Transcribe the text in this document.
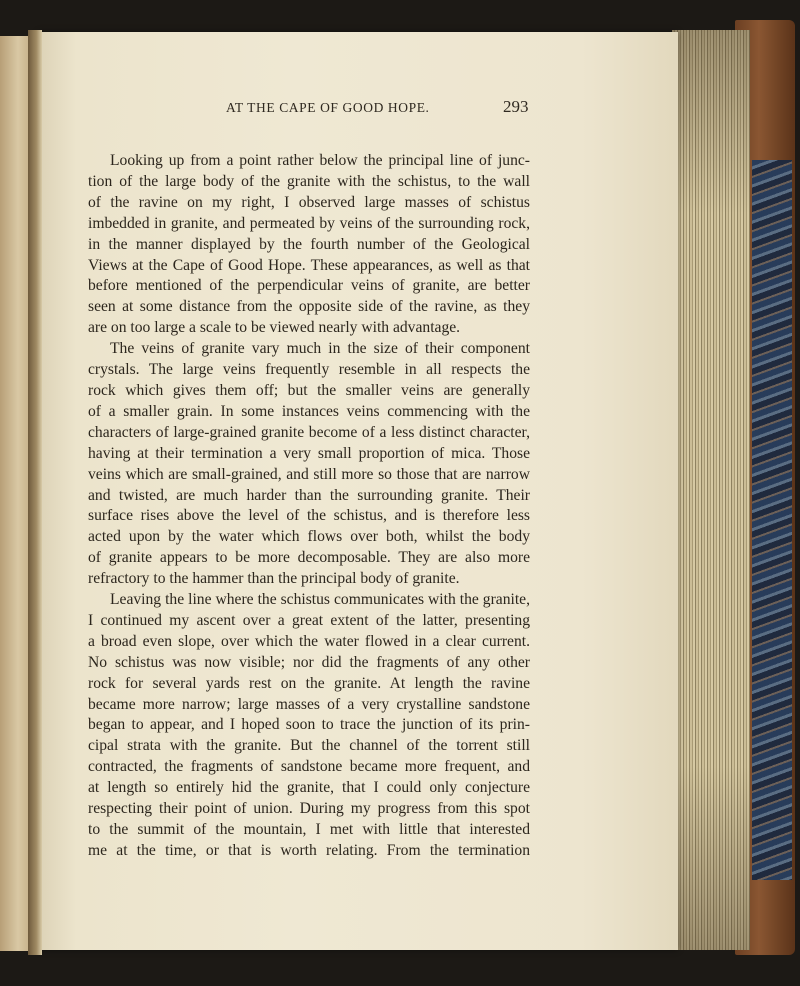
AT THE CAPE OF GOOD HOPE.	293
Looking up from a point rather below the principal line of junc-
tion of the large body of the granite with the schistus, to the wall
of the ravine on my right, I observed large masses of schistus
imbedded in granite, and permeated by veins of the surrounding rock,
in the manner displayed by the fourth number of the Geological
Views at the Cape of Good Hope. These appearances, as well as that
before mentioned of the perpendicular veins of granite, are better
seen at some distance from the opposite side of the ravine, as they
are on too large a scale to be viewed nearly with advantage.
The veins of granite vary much in the size of their component
crystals. The large veins frequently resemble in all respects the
rock which gives them off; but the smaller veins are generally
of a smaller grain. In some instances veins commencing with the
characters of large-grained granite become of a less distinct character,
having at their termination a very small proportion of mica. Those
veins which are small-grained, and still more so those that are narrow
and twisted, are much harder than the surrounding granite. Their
surface rises above the level of the schistus, and is therefore less
acted upon by the water which flows over both, whilst the body
of granite appears to be more decomposable. They are also more
refractory to the hammer than the principal body of granite.
Leaving the line where the schistus communicates with the granite,
I continued my ascent over a great extent of the latter, presenting
a broad even slope, over which the water flowed in a clear current.
No schistus was now visible; nor did the fragments of any other
rock for several yards rest on the granite. At length the ravine
became more narrow; large masses of a very crystalline sandstone
began to appear, and I hoped soon to trace the junction of its prin-
cipal strata with the granite. But the channel of the torrent still
contracted, the fragments of sandstone became more frequent, and
at length so entirely hid the granite, that I could only conjecture
respecting their point of union. During my progress from this spot
to the summit of the mountain, I met with little that interested
me at the time, or that is worth relating. From the termination
